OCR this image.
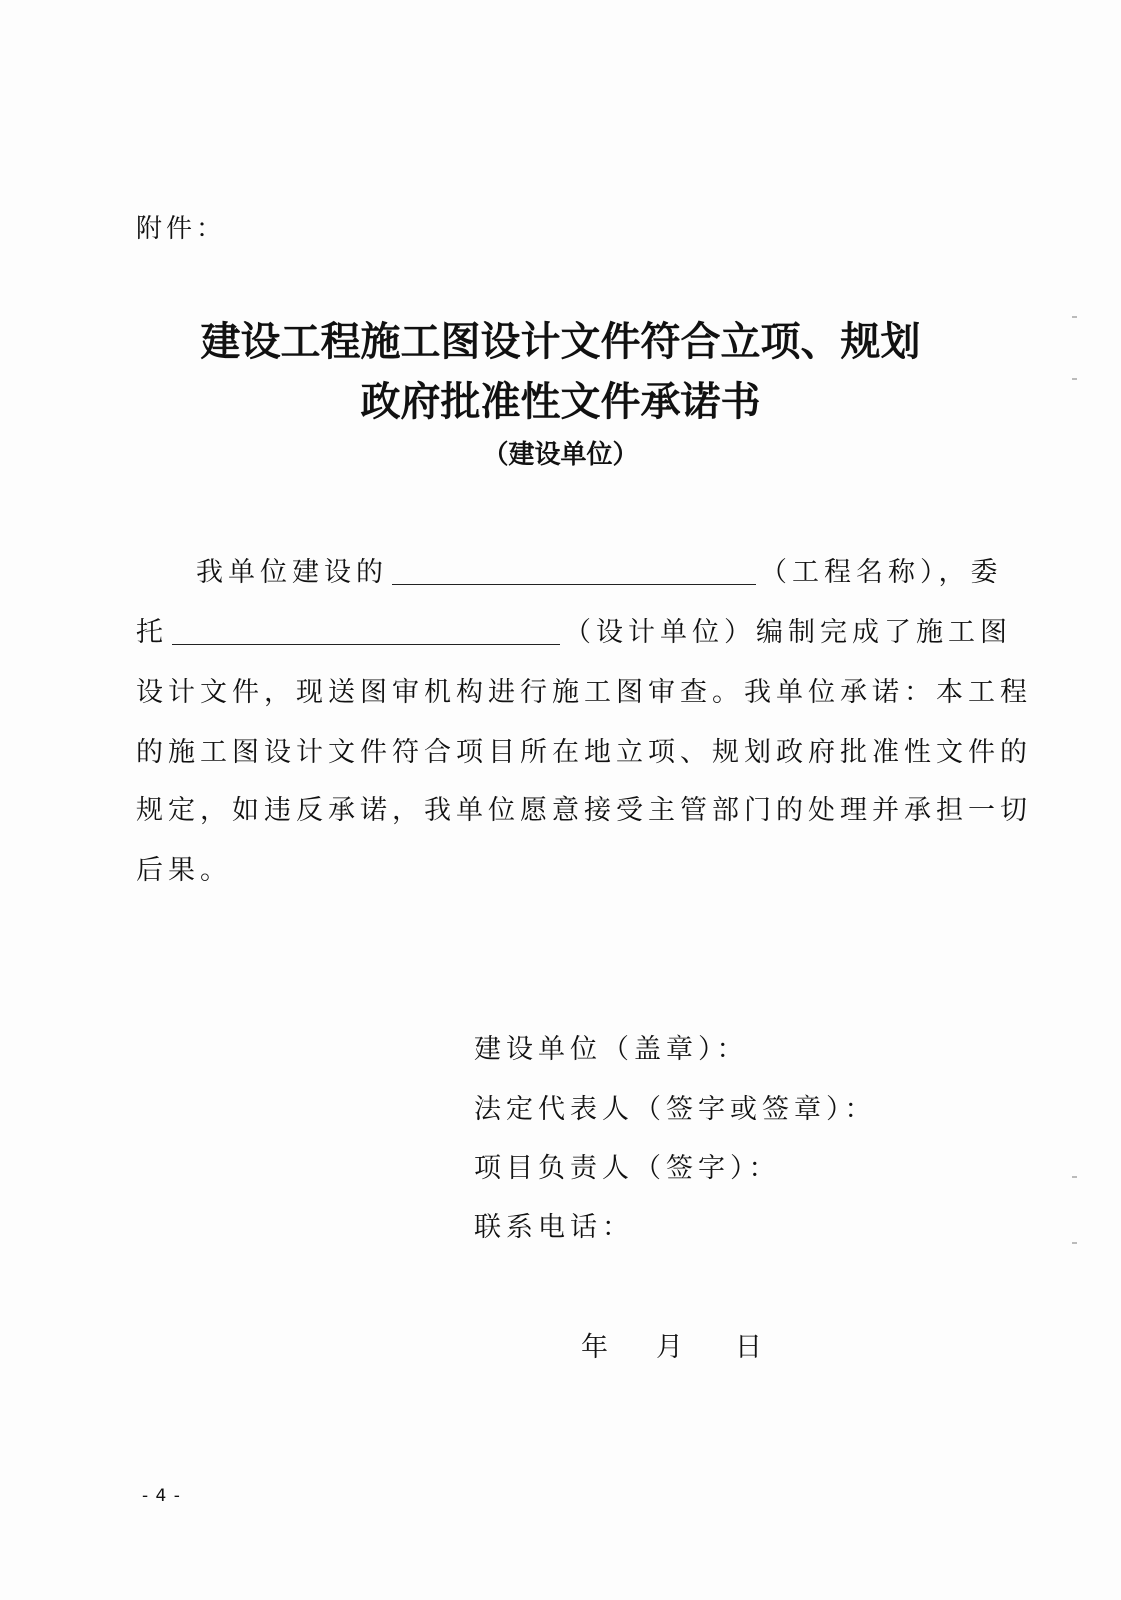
附件：
建设工程施工图设计文件符合立项、规划
政府批准性文件承诺书
（建设单位）
我单位建设的	（工程名称），委
托	（设计单位）编制完成了施工图
设计文件，现送图审机构进行施工图审查。我单位承诺：本工程
的施工图设计文件符合项目所在地立项、规划政府批准性文件的
规定，如违反承诺，我单位愿意接受主管部门的处理并承担一切
后果。
建设单位（盖章）：
法定代表人（签字或签章）：
项目负责人（签字）：
联系电话：
年 月 日
- 4 -
